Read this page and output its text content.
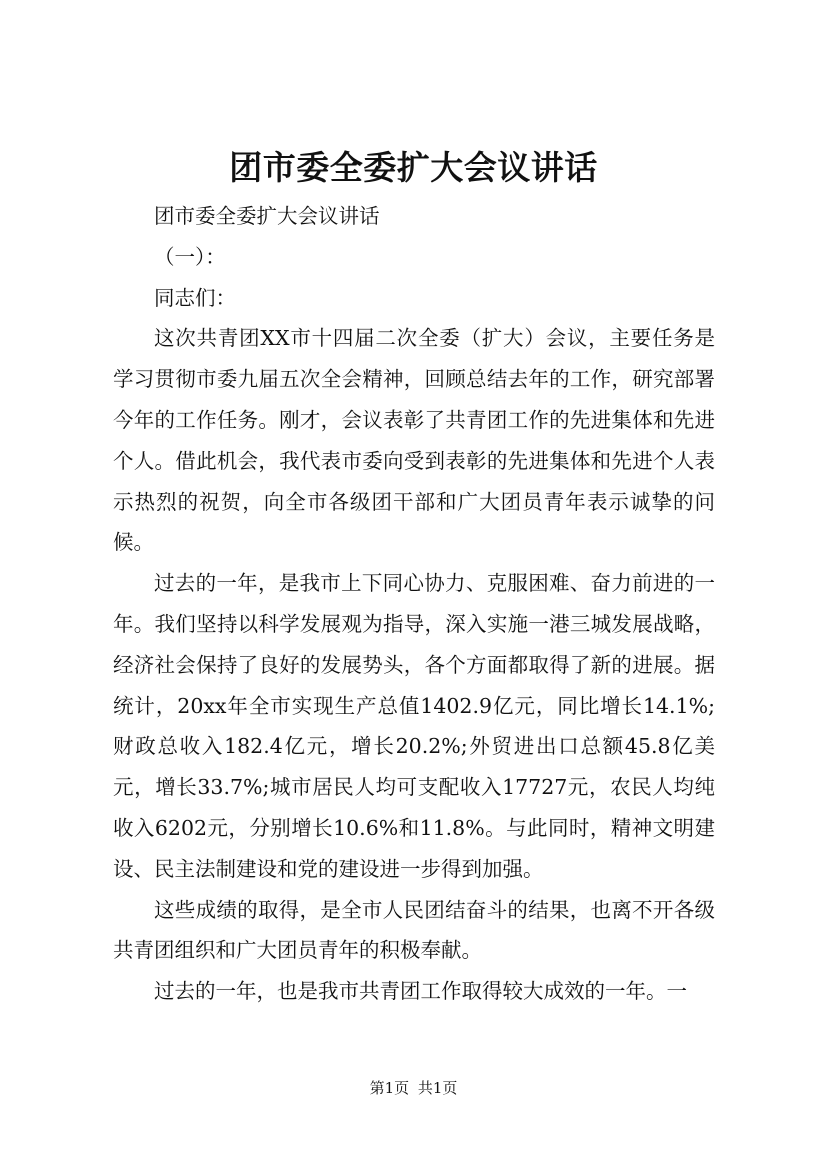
团市委全委扩大会议讲话

团市委全委扩大会议讲话

（一）：

同志们：

这次共青团XX市十四届二次全委（扩大）会议，主要任务是学习贯彻市委九届五次全会精神，回顾总结去年的工作，研究部署今年的工作任务。刚才，会议表彰了共青团工作的先进集体和先进个人。借此机会，我代表市委向受到表彰的先进集体和先进个人表示热烈的祝贺，向全市各级团干部和广大团员青年表示诚挚的问候。

过去的一年，是我市上下同心协力、克服困难、奋力前进的一年。我们坚持以科学发展观为指导，深入实施一港三城发展战略，经济社会保持了良好的发展势头，各个方面都取得了新的进展。据统计，20xx年全市实现生产总值1402.9亿元，同比增长14.1%;财政总收入182.4亿元，增长20.2%;外贸进出口总额45.8亿美元，增长33.7%;城市居民人均可支配收入17727元，农民人均纯收入6202元，分别增长10.6%和11.8%。与此同时，精神文明建设、民主法制建设和党的建设进一步得到加强。

这些成绩的取得，是全市人民团结奋斗的结果，也离不开各级共青团组织和广大团员青年的积极奉献。

过去的一年，也是我市共青团工作取得较大成效的一年。一

第1页 共1页
